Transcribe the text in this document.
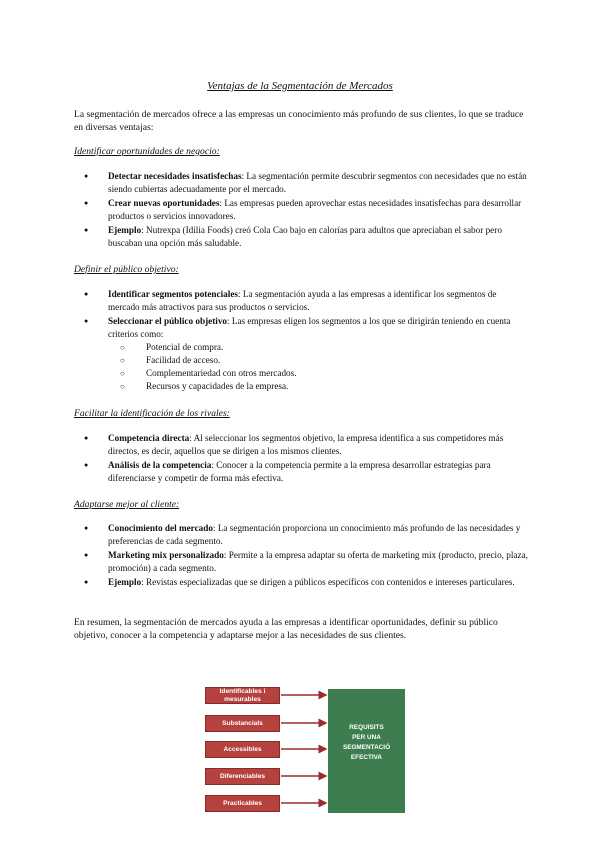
Ventajas de la Segmentación de Mercados
La segmentación de mercados ofrece a las empresas un conocimiento más profundo de sus clientes, lo que se traduce en diversas ventajas:
Identificar oportunidades de negocio:
● Detectar necesidades insatisfechas: La segmentación permite descubrir segmentos con necesidades que no están siendo cubiertas adecuadamente por el mercado.
● Crear nuevas oportunidades: Las empresas pueden aprovechar estas necesidades insatisfechas para desarrollar productos o servicios innovadores.
● Ejemplo: Nutrexpa (Idilia Foods) creó Cola Cao bajo en calorías para adultos que apreciaban el sabor pero buscaban una opción más saludable.
Definir el público objetivo:
● Identificar segmentos potenciales: La segmentación ayuda a las empresas a identificar los segmentos de mercado más atractivos para sus productos o servicios.
● Seleccionar el público objetivo: Las empresas eligen los segmentos a los que se dirigirán teniendo en cuenta criterios como:
○ Potencial de compra.
○ Facilidad de acceso.
○ Complementariedad con otros mercados.
○ Recursos y capacidades de la empresa.
Facilitar la identificación de los rivales:
● Competencia directa: Al seleccionar los segmentos objetivo, la empresa identifica a sus competidores más directos, es decir, aquellos que se dirigen a los mismos clientes.
● Análisis de la competencia: Conocer a la competencia permite a la empresa desarrollar estrategias para diferenciarse y competir de forma más efectiva.
Adaptarse mejor al cliente:
● Conocimiento del mercado: La segmentación proporciona un conocimiento más profundo de las necesidades y preferencias de cada segmento.
● Marketing mix personalizado: Permite a la empresa adaptar su oferta de marketing mix (producto, precio, plaza, promoción) a cada segmento.
● Ejemplo: Revistas especializadas que se dirigen a públicos específicos con contenidos e intereses particulares.
En resumen, la segmentación de mercados ayuda a las empresas a identificar oportunidades, definir su público objetivo, conocer a la competencia y adaptarse mejor a las necesidades de sus clientes.
Identificables i mesurables
Substancials
Accessibles
Diferenciables
Practicables
REQUISITS
PER UNA
SEGMENTACIÓ
EFECTIVA
